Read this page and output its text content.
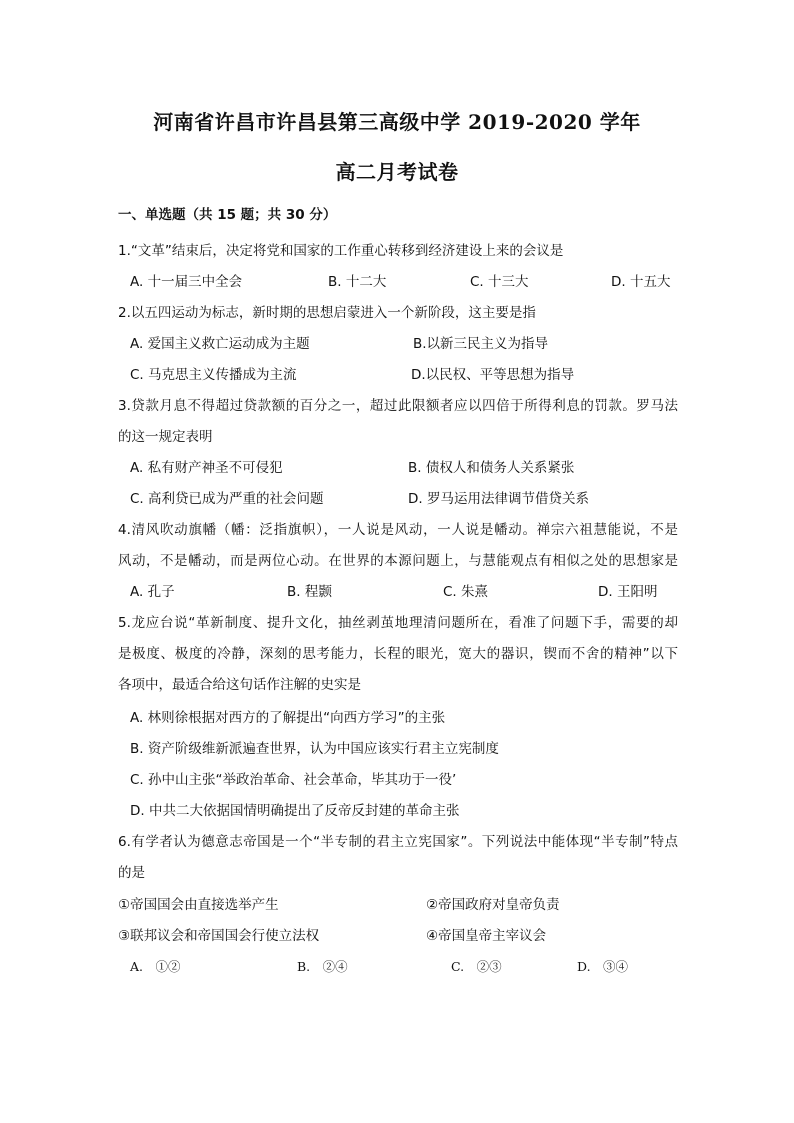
河南省许昌市许昌县第三高级中学 2019-2020 学年
高二月考试卷
一、单选题（共 15 题；共 30 分）
1.“文革”结束后，决定将党和国家的工作重心转移到经济建设上来的会议是
A. 十一届三中全会	B. 十二大	C. 十三大	D. 十五大
2.以五四运动为标志，新时期的思想启蒙进入一个新阶段，这主要是指
A. 爱国主义救亡运动成为主题	B.以新三民主义为指导
C. 马克思主义传播成为主流	D.以民权、平等思想为指导
3.贷款月息不得超过贷款额的百分之一，超过此限额者应以四倍于所得利息的罚款。罗马法
的这一规定表明
A. 私有财产神圣不可侵犯	B. 债权人和债务人关系紧张
C. 高利贷已成为严重的社会问题	D. 罗马运用法律调节借贷关系
4.清风吹动旗幡（幡：泛指旗帜），一人说是风动，一人说是幡动。禅宗六祖慧能说，不是
风动，不是幡动，而是两位心动。在世界的本源问题上，与慧能观点有相似之处的思想家是
A. 孔子	B. 程颢	C. 朱熹	D. 王阳明
5.龙应台说“革新制度、提升文化，抽丝剥茧地理清问题所在，看准了问题下手，需要的却
是极度、极度的冷静，深刻的思考能力，长程的眼光，宽大的器识，锲而不舍的精神”以下
各项中，最适合给这句话作注解的史实是
A. 林则徐根据对西方的了解提出“向西方学习”的主张
B. 资产阶级维新派遍查世界，认为中国应该实行君主立宪制度
C. 孙中山主张“举政治革命、社会革命，毕其功于一役’
D. 中共二大依据国情明确提出了反帝反封建的革命主张
6.有学者认为德意志帝国是一个“半专制的君主立宪国家”。下列说法中能体现“半专制”特点
的是
①帝国国会由直接选举产生	②帝国政府对皇帝负责
③联邦议会和帝国国会行使立法权	④帝国皇帝主宰议会
A.　①②	B.　②④	C.　②③	D.　③④
